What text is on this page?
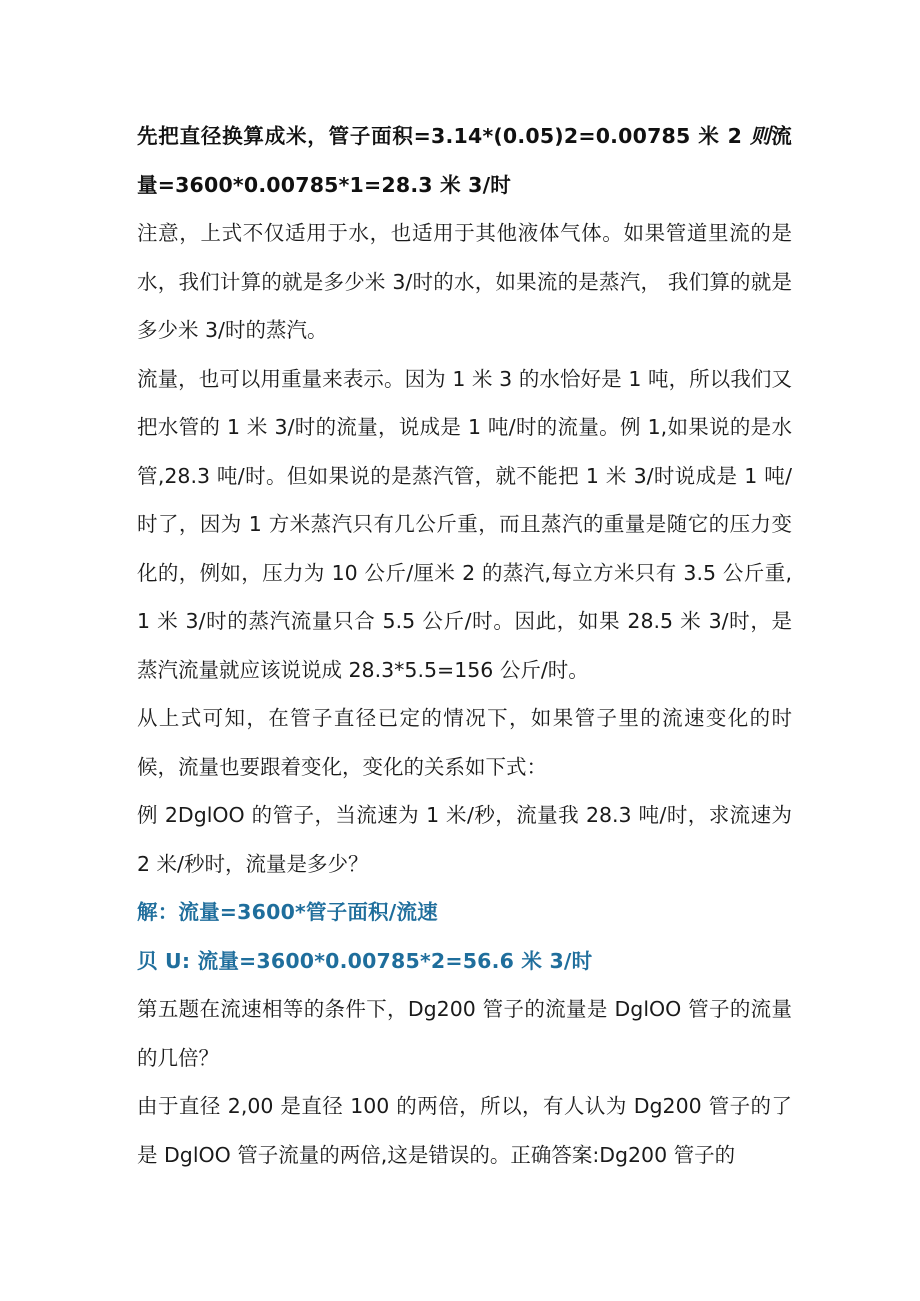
先把直径换算成米，管子面积=3.14*(0.05)2=0.00785 米 2 则流量=3600*0.00785*1=28.3 米 3/时

注意，上式不仅适用于水，也适用于其他液体气体。如果管道里流的是水，我们计算的就是多少米 3/时的水，如果流的是蒸汽， 我们算的就是多少米 3/时的蒸汽。

流量，也可以用重量来表示。因为 1 米 3 的水恰好是 1 吨，所以我们又把水管的 1 米 3/时的流量，说成是 1 吨/时的流量。例 1,如果说的是水管,28.3 吨/时。但如果说的是蒸汽管，就不能把 1 米 3/时说成是 1 吨/时了，因为 1 方米蒸汽只有几公斤重，而且蒸汽的重量是随它的压力变化的，例如，压力为 10 公斤/厘米 2 的蒸汽,每立方米只有 3.5 公斤重,1 米 3/时的蒸汽流量只合 5.5 公斤/时。因此，如果 28.5 米 3/时，是蒸汽流量就应该说说成 28.3*5.5=156 公斤/时。

从上式可知，在管子直径已定的情况下，如果管子里的流速变化的时候，流量也要跟着变化，变化的关系如下式：

例 2DglOO 的管子，当流速为 1 米/秒，流量我 28.3 吨/时，求流速为 2 米/秒时，流量是多少？

解：流量=3600*管子面积/流速

贝 U: 流量=3600*0.00785*2=56.6 米 3/时

第五题在流速相等的条件下，Dg200 管子的流量是 DglOO 管子的流量的几倍？

由于直径 2,00 是直径 100 的两倍，所以，有人认为 Dg200 管子的了是 DglOO 管子流量的两倍,这是错误的。正确答案:Dg200 管子的
